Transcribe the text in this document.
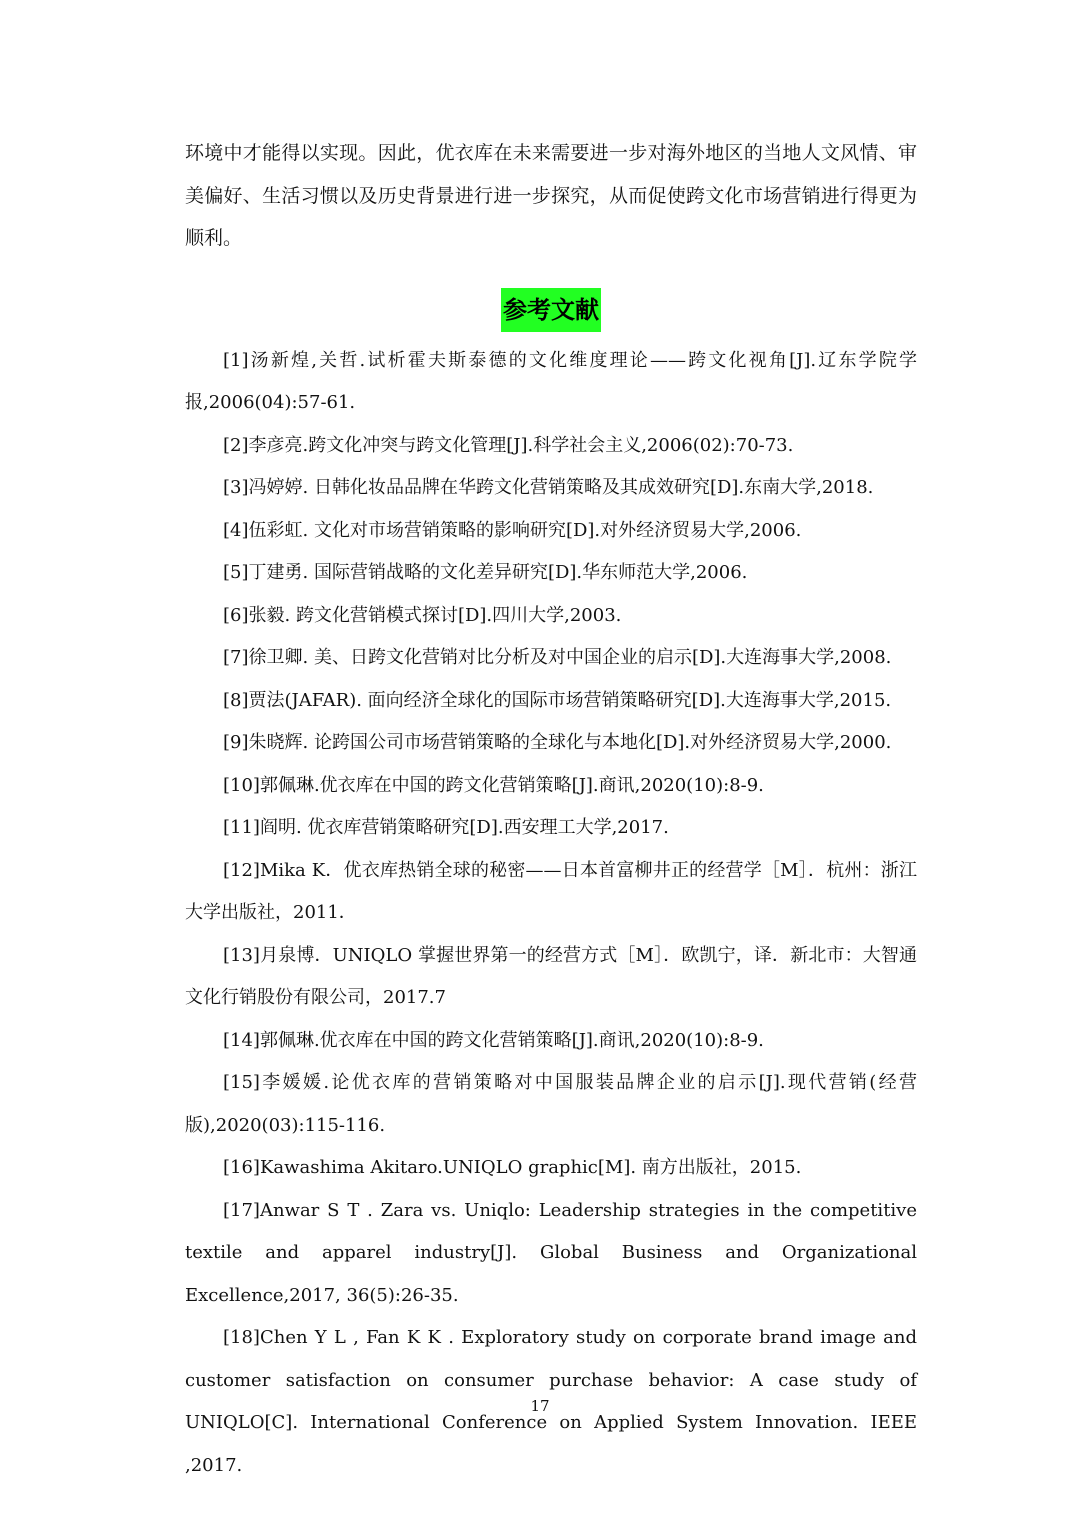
环境中才能得以实现。因此，优衣库在未来需要进一步对海外地区的当地人文风情、审美偏好、生活习惯以及历史背景进行进一步探究，从而促使跨文化市场营销进行得更为顺利。

参考文献
[1]汤新煌,关哲.试析霍夫斯泰德的文化维度理论——跨文化视角[J].辽东学院学报,2006(04):57-61.
[2]李彦亮.跨文化冲突与跨文化管理[J].科学社会主义,2006(02):70-73.
[3]冯婷婷. 日韩化妆品品牌在华跨文化营销策略及其成效研究[D].东南大学,2018.
[4]伍彩虹. 文化对市场营销策略的影响研究[D].对外经济贸易大学,2006.
[5]丁建勇. 国际营销战略的文化差异研究[D].华东师范大学,2006.
[6]张毅. 跨文化营销模式探讨[D].四川大学,2003.
[7]徐卫卿. 美、日跨文化营销对比分析及对中国企业的启示[D].大连海事大学,2008.
[8]贾法(JAFAR). 面向经济全球化的国际市场营销策略研究[D].大连海事大学,2015.
[9]朱晓辉. 论跨国公司市场营销策略的全球化与本地化[D].对外经济贸易大学,2000.
[10]郭佩琳.优衣库在中国的跨文化营销策略[J].商讯,2020(10):8-9.
[11]阎明. 优衣库营销策略研究[D].西安理工大学,2017.
[12]Mika K．优衣库热销全球的秘密——日本首富柳井正的经营学［M］．杭州：浙江大学出版社，2011．
[13]月泉博．UNIQLO 掌握世界第一的经营方式［M］．欧凯宁，译．新北市：大智通文化行销股份有限公司，2017.7
[14]郭佩琳.优衣库在中国的跨文化营销策略[J].商讯,2020(10):8-9.
[15]李媛媛.论优衣库的营销策略对中国服装品牌企业的启示[J].现代营销(经营版),2020(03):115-116.
[16]Kawashima Akitaro.UNIQLO graphic[M]. 南方出版社，2015.
[17]Anwar S T . Zara vs. Uniqlo: Leadership strategies in the competitive textile and apparel industry[J]. Global Business and Organizational Excellence,2017, 36(5):26-35.
[18]Chen Y L , Fan K K . Exploratory study on corporate brand image and customer satisfaction on consumer purchase behavior: A case study of UNIQLO[C]. International Conference on Applied System Innovation. IEEE ,2017.
17
